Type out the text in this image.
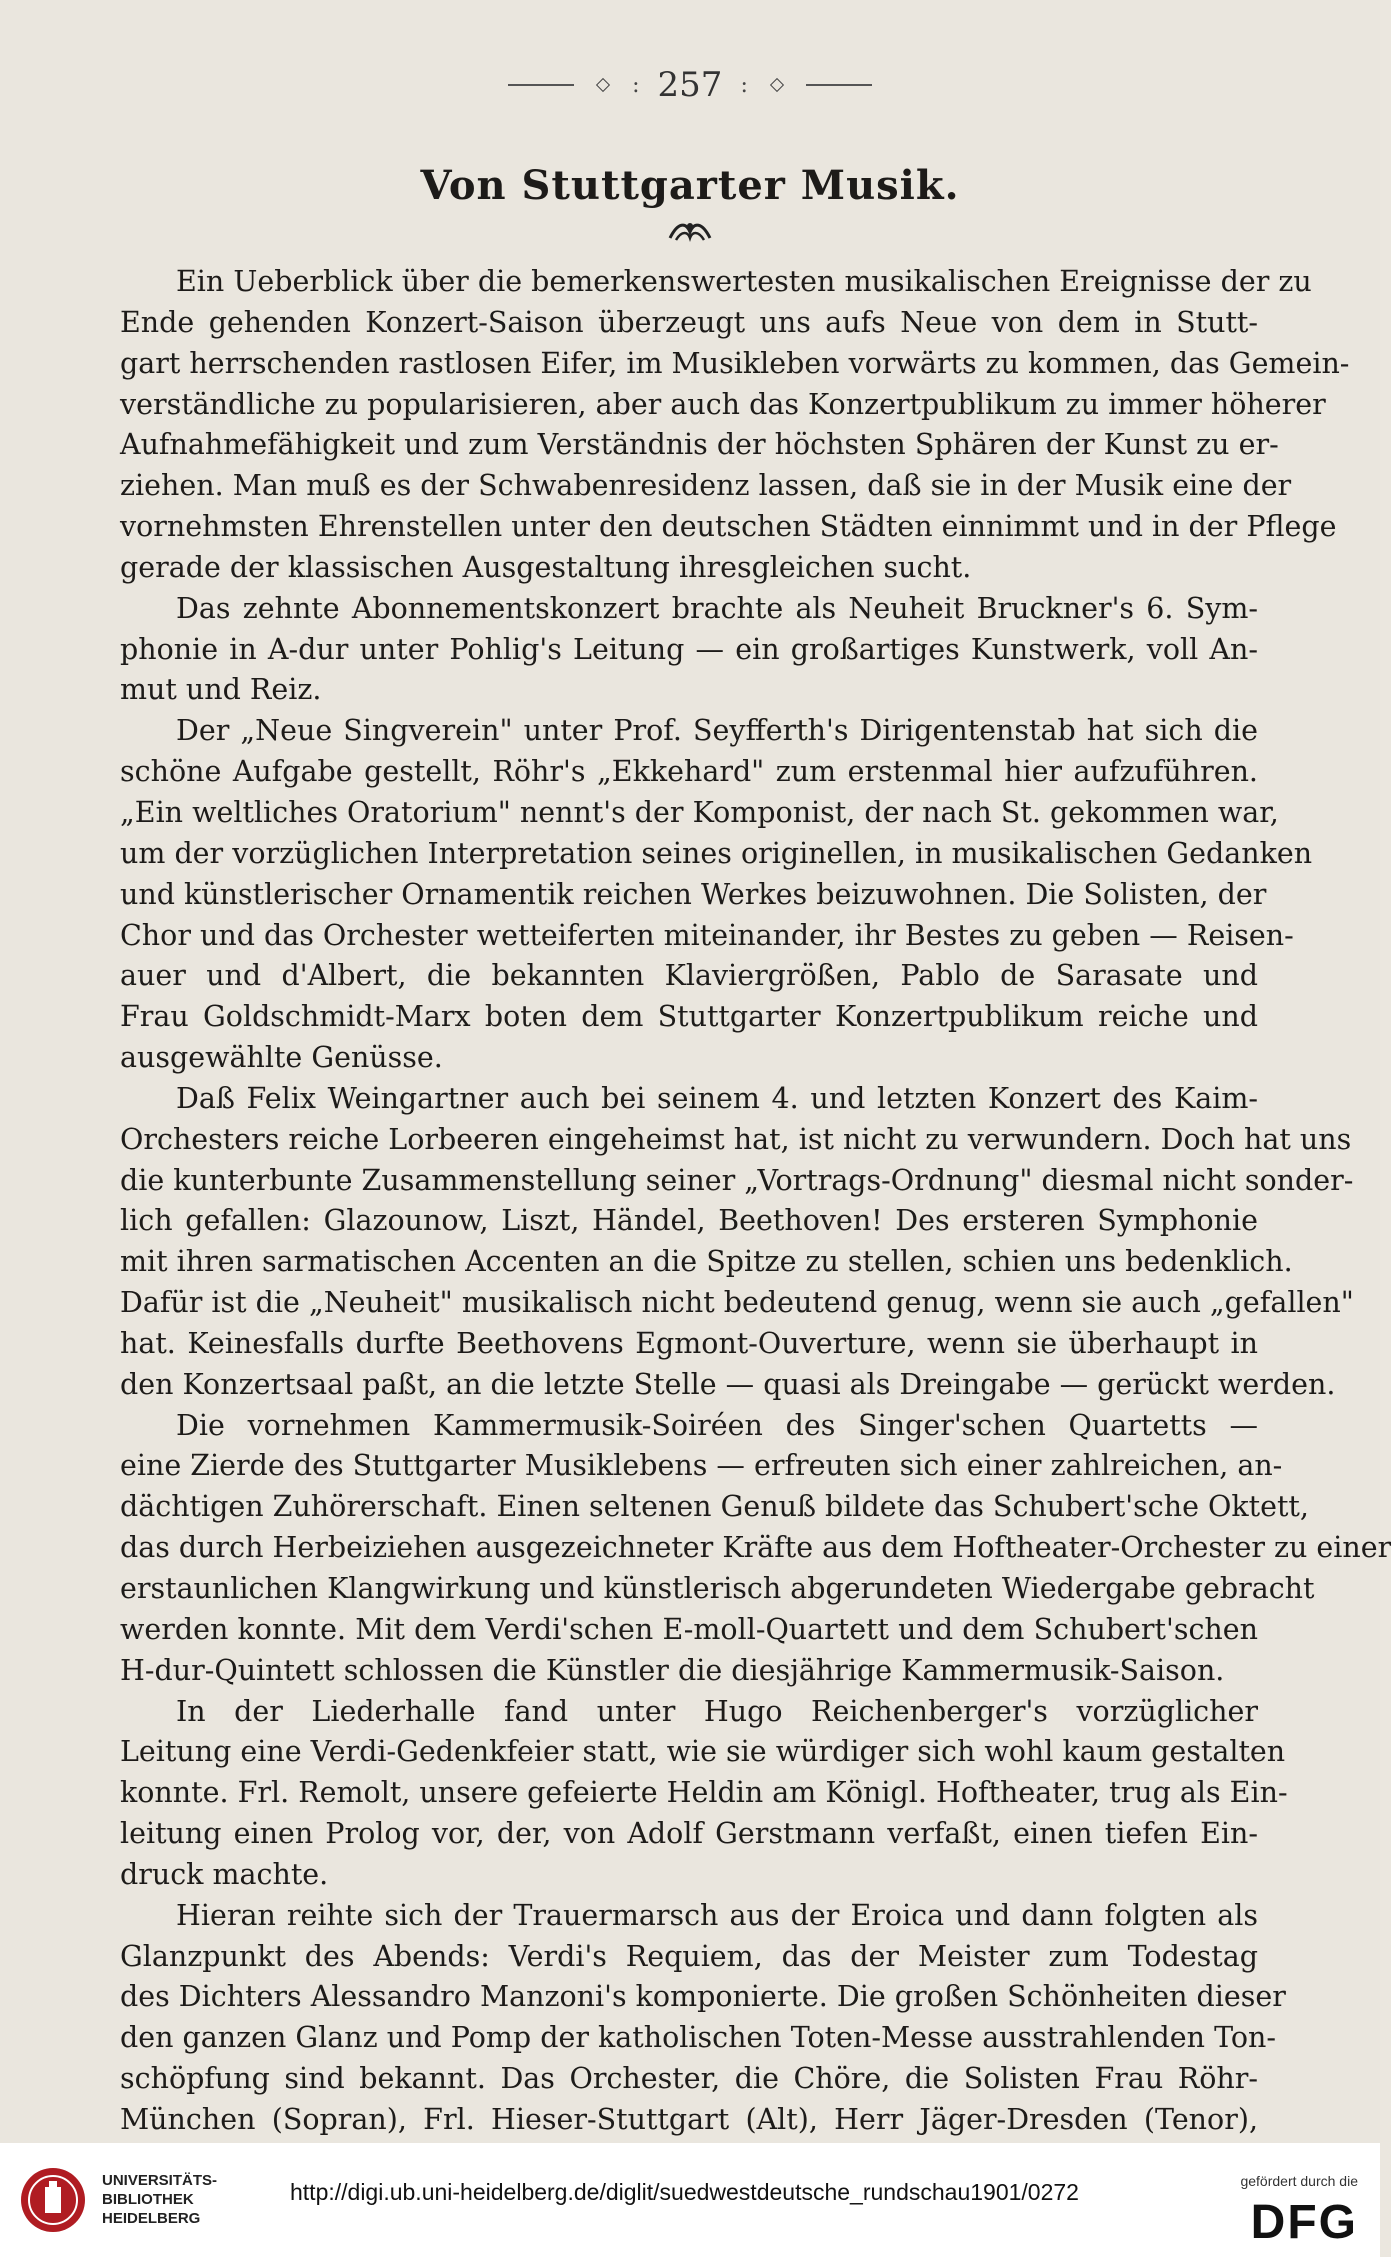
: 257 :
Von Stuttgarter Musik.
Ein Ueberblick über die bemerkenswertesten musikalischen Ereignisse der zu
Ende gehenden Konzert-Saison überzeugt uns aufs Neue von dem in Stutt-
gart herrschenden rastlosen Eifer, im Musikleben vorwärts zu kommen, das Gemein-
verständliche zu popularisieren, aber auch das Konzertpublikum zu immer höherer
Aufnahmefähigkeit und zum Verständnis der höchsten Sphären der Kunst zu er-
ziehen. Man muß es der Schwabenresidenz lassen, daß sie in der Musik eine der
vornehmsten Ehrenstellen unter den deutschen Städten einnimmt und in der Pflege
gerade der klassischen Ausgestaltung ihresgleichen sucht.
Das zehnte Abonnementskonzert brachte als Neuheit Bruckner's 6. Sym-
phonie in A-dur unter Pohlig's Leitung — ein großartiges Kunstwerk, voll An-
mut und Reiz.
Der „Neue Singverein" unter Prof. Seyfferth's Dirigentenstab hat sich die
schöne Aufgabe gestellt, Röhr's „Ekkehard" zum erstenmal hier aufzuführen.
„Ein weltliches Oratorium" nennt's der Komponist, der nach St. gekommen war,
um der vorzüglichen Interpretation seines originellen, in musikalischen Gedanken
und künstlerischer Ornamentik reichen Werkes beizuwohnen. Die Solisten, der
Chor und das Orchester wetteiferten miteinander, ihr Bestes zu geben — Reisen-
auer und d'Albert, die bekannten Klaviergrößen, Pablo de Sarasate und
Frau Goldschmidt-Marx boten dem Stuttgarter Konzertpublikum reiche und
ausgewählte Genüsse.
Daß Felix Weingartner auch bei seinem 4. und letzten Konzert des Kaim-
Orchesters reiche Lorbeeren eingeheimst hat, ist nicht zu verwundern. Doch hat uns
die kunterbunte Zusammenstellung seiner „Vortrags-Ordnung" diesmal nicht sonder-
lich gefallen: Glazounow, Liszt, Händel, Beethoven! Des ersteren Symphonie
mit ihren sarmatischen Accenten an die Spitze zu stellen, schien uns bedenklich.
Dafür ist die „Neuheit" musikalisch nicht bedeutend genug, wenn sie auch „gefallen"
hat. Keinesfalls durfte Beethovens Egmont-Ouverture, wenn sie überhaupt in
den Konzertsaal paßt, an die letzte Stelle — quasi als Dreingabe — gerückt werden.
Die vornehmen Kammermusik-Soiréen des Singer'schen Quartetts —
eine Zierde des Stuttgarter Musiklebens — erfreuten sich einer zahlreichen, an-
dächtigen Zuhörerschaft. Einen seltenen Genuß bildete das Schubert'sche Oktett,
das durch Herbeiziehen ausgezeichneter Kräfte aus dem Hoftheater-Orchester zu einer
erstaunlichen Klangwirkung und künstlerisch abgerundeten Wiedergabe gebracht
werden konnte. Mit dem Verdi'schen E-moll-Quartett und dem Schubert'schen
H-dur-Quintett schlossen die Künstler die diesjährige Kammermusik-Saison.
In der Liederhalle fand unter Hugo Reichenberger's vorzüglicher
Leitung eine Verdi-Gedenkfeier statt, wie sie würdiger sich wohl kaum gestalten
konnte. Frl. Remolt, unsere gefeierte Heldin am Königl. Hoftheater, trug als Ein-
leitung einen Prolog vor, der, von Adolf Gerstmann verfaßt, einen tiefen Ein-
druck machte.
Hieran reihte sich der Trauermarsch aus der Eroica und dann folgten als
Glanzpunkt des Abends: Verdi's Requiem, das der Meister zum Todestag
des Dichters Alessandro Manzoni's komponierte. Die großen Schönheiten dieser
den ganzen Glanz und Pomp der katholischen Toten-Messe ausstrahlenden Ton-
schöpfung sind bekannt. Das Orchester, die Chöre, die Solisten Frau Röhr-
München (Sopran), Frl. Hieser-Stuttgart (Alt), Herr Jäger-Dresden (Tenor),
UNIVERSITÄTS-
BIBLIOTHEK
HEIDELBERG
http://digi.ub.uni-heidelberg.de/diglit/suedwestdeutsche_rundschau1901/0272	gefördert durch die
DFG
